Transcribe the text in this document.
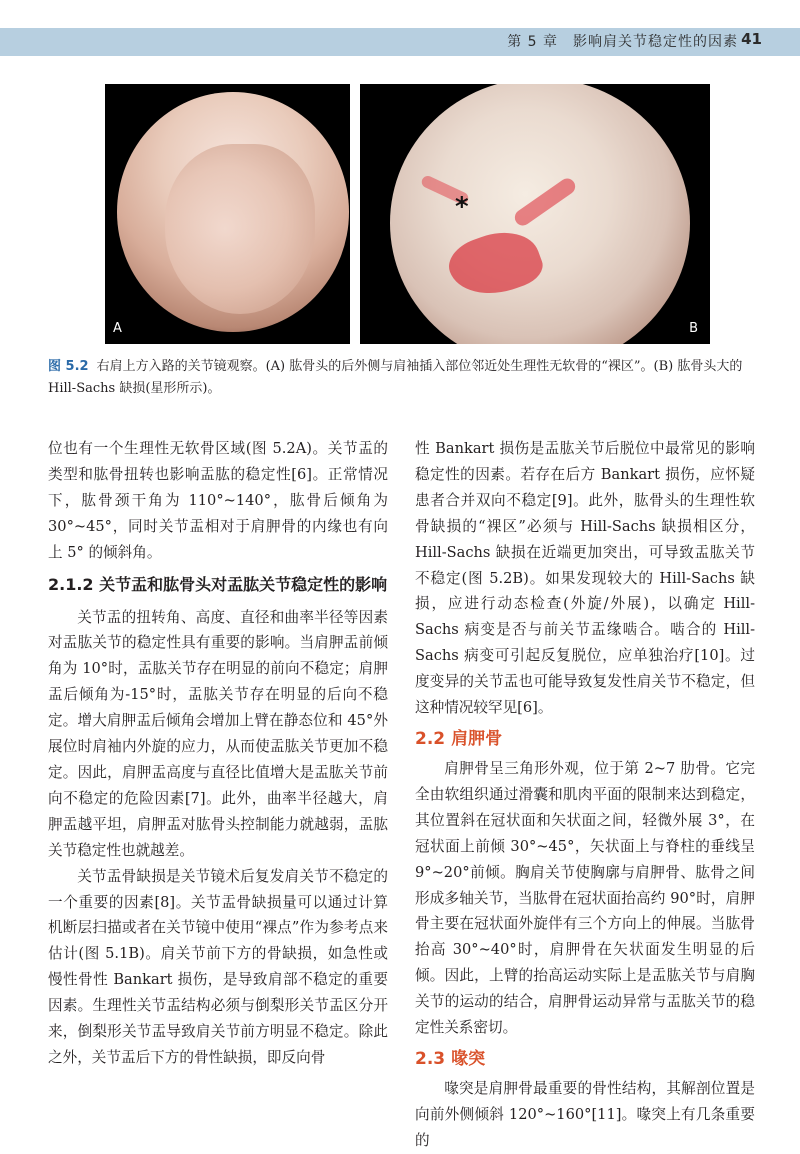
第 5 章　影响肩关节稳定性的因素 41
A
*
B
图 5.2 右肩上方入路的关节镜观察。(A) 肱骨头的后外侧与肩袖插入部位邻近处生理性无软骨的“裸区”。(B) 肱骨头大的 Hill-Sachs 缺损(星形所示)。

位也有一个生理性无软骨区域(图 5.2A)。关节盂的类型和肱骨扭转也影响盂肱的稳定性[6]。正常情况下，肱骨颈干角为 110°~140°，肱骨后倾角为 30°~45°，同时关节盂相对于肩胛骨的内缘也有向上 5° 的倾斜角。

2.1.2 关节盂和肱骨头对盂肱关节稳定性的影响

关节盂的扭转角、高度、直径和曲率半径等因素对盂肱关节的稳定性具有重要的影响。当肩胛盂前倾角为 10°时，盂肱关节存在明显的前向不稳定；肩胛盂后倾角为-15°时，盂肱关节存在明显的后向不稳定。增大肩胛盂后倾角会增加上臂在静态位和 45°外展位时肩袖内外旋的应力，从而使盂肱关节更加不稳定。因此，肩胛盂高度与直径比值增大是盂肱关节前向不稳定的危险因素[7]。此外，曲率半径越大，肩胛盂越平坦，肩胛盂对肱骨头控制能力就越弱，盂肱关节稳定性也就越差。

关节盂骨缺损是关节镜术后复发肩关节不稳定的一个重要的因素[8]。关节盂骨缺损量可以通过计算机断层扫描或者在关节镜中使用“裸点”作为参考点来估计(图 5.1B)。肩关节前下方的骨缺损，如急性或慢性骨性 Bankart 损伤，是导致肩部不稳定的重要因素。生理性关节盂结构必须与倒梨形关节盂区分开来，倒梨形关节盂导致肩关节前方明显不稳定。除此之外，关节盂后下方的骨性缺损，即反向骨

性 Bankart 损伤是盂肱关节后脱位中最常见的影响稳定性的因素。若存在后方 Bankart 损伤，应怀疑患者合并双向不稳定[9]。此外，肱骨头的生理性软骨缺损的“裸区”必须与 Hill-Sachs 缺损相区分，Hill-Sachs 缺损在近端更加突出，可导致盂肱关节不稳定(图 5.2B)。如果发现较大的 Hill-Sachs 缺损，应进行动态检查(外旋/外展)，以确定 Hill-Sachs 病变是否与前关节盂缘啮合。啮合的 Hill-Sachs 病变可引起反复脱位，应单独治疗[10]。过度变异的关节盂也可能导致复发性肩关节不稳定，但这种情况较罕见[6]。

2.2 肩胛骨

肩胛骨呈三角形外观，位于第 2~7 肋骨。它完全由软组织通过滑囊和肌肉平面的限制来达到稳定，其位置斜在冠状面和矢状面之间，轻微外展 3°，在冠状面上前倾 30°~45°，矢状面上与脊柱的垂线呈 9°~20°前倾。胸肩关节使胸廓与肩胛骨、肱骨之间形成多轴关节，当肱骨在冠状面抬高约 90°时，肩胛骨主要在冠状面外旋伴有三个方向上的伸展。当肱骨抬高 30°~40°时，肩胛骨在矢状面发生明显的后倾。因此，上臂的抬高运动实际上是盂肱关节与肩胸关节的运动的结合，肩胛骨运动异常与盂肱关节的稳定性关系密切。

2.3 喙突

喙突是肩胛骨最重要的骨性结构，其解剖位置是向前外侧倾斜 120°~160°[11]。喙突上有几条重要的
